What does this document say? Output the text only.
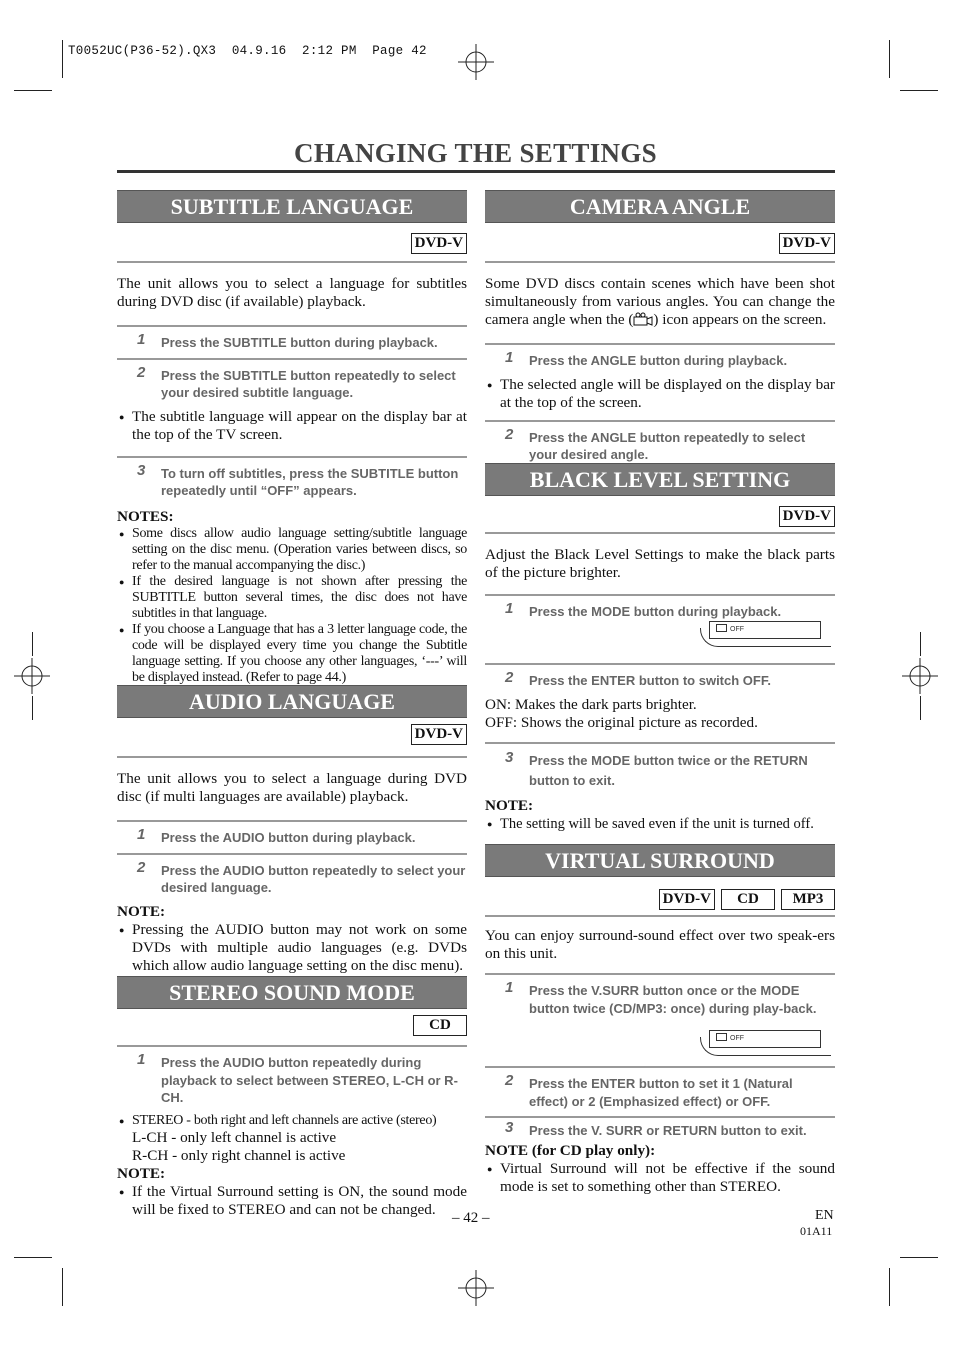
T0052UC(P36-52).QX3  04.9.16  2:12 PM  Page 42
CHANGING THE SETTINGS
SUBTITLE LANGUAGE
DVD-V
The unit allows you to select a language for subtitles during DVD disc (if available) playback.
1 Press the SUBTITLE button during playback.
2 Press the SUBTITLE button repeatedly to select your desired subtitle language.
● The subtitle language will appear on the display bar at the top of the TV screen.
3 To turn off subtitles, press the SUBTITLE button repeatedly until “OFF” appears.
NOTES:
● Some discs allow audio language setting/subtitle language setting on the disc menu. (Operation varies between discs, so refer to the manual accompanying the disc.)
● If the desired language is not shown after pressing the SUBTITLE button several times, the disc does not have subtitles in that language.
● If you choose a Language that has a 3 letter language code, the code will be displayed every time you change the Subtitle language setting. If you choose any other languages, ‘---’ will be displayed instead. (Refer to page 44.)
AUDIO LANGUAGE
DVD-V
The unit allows you to select a language during DVD disc (if multi languages are available) playback.
1 Press the AUDIO button during playback.
2 Press the AUDIO button repeatedly to select your desired language.
NOTE:
● Pressing the AUDIO button may not work on some DVDs with multiple audio languages (e.g. DVDs which allow audio language setting on the disc menu).
STEREO SOUND MODE
CD
1 Press the AUDIO button repeatedly during playback to select between STEREO, L-CH or R-CH.
● STEREO - both right and left channels are active (stereo)
L-CH - only left channel is active
R-CH - only right channel is active
NOTE:
● If the Virtual Surround setting is ON, the sound mode will be fixed to STEREO and can not be changed.
CAMERA ANGLE
DVD-V
Some DVD discs contain scenes which have been shot simultaneously from various angles. You can change the camera angle when the ( ) icon appears on the screen.
1 Press the ANGLE button during playback.
● The selected angle will be displayed on the display bar at the top of the screen.
2 Press the ANGLE button repeatedly to select your desired angle.
BLACK LEVEL SETTING
DVD-V
Adjust the Black Level Settings to make the black parts of the picture brighter.
1 Press the MODE button during playback.
OFF
2 Press the ENTER button to switch OFF.
ON: Makes the dark parts brighter.
OFF: Shows the original picture as recorded.
3 Press the MODE button twice or the RETURN button to exit.
NOTE:
● The setting will be saved even if the unit is turned off.
VIRTUAL SURROUND
DVD-V CD MP3
You can enjoy surround-sound effect over two speak-ers on this unit.
1 Press the V.SURR button once or the MODE button twice (CD/MP3: once) during play-back.
OFF
2 Press the ENTER button to set it 1 (Natural effect) or 2 (Emphasized effect) or OFF.
3 Press the V. SURR or RETURN button to exit.
NOTE (for CD play only):
● Virtual Surround will not be effective if the sound mode is set to something other than STEREO.
– 42 –	EN
01A11
